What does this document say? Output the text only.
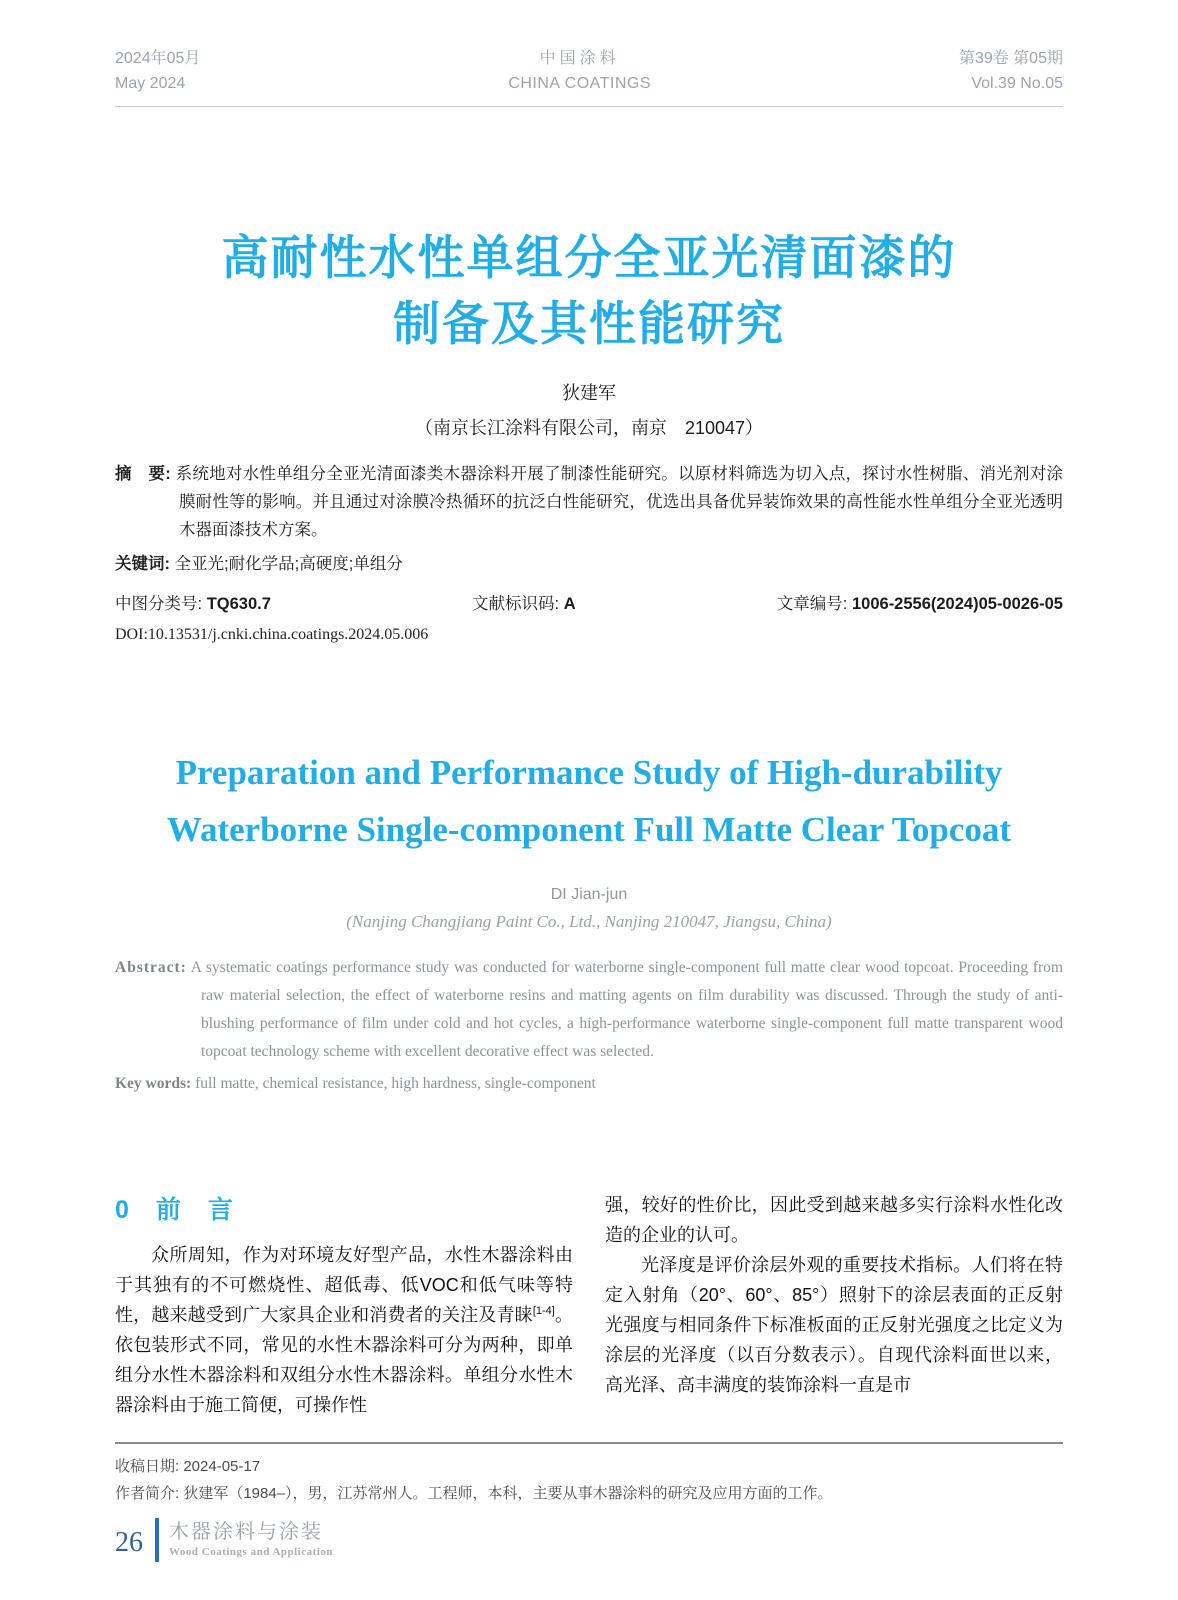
2024年05月
May 2024
中国涂料
CHINA COATINGS
第39卷 第05期
Vol.39 No.05
高耐性水性单组分全亚光清面漆的
制备及其性能研究
狄建军
（南京长江涂料有限公司，南京　210047）

摘　要: 系统地对水性单组分全亚光清面漆类木器涂料开展了制漆性能研究。以原材料筛选为切入点，探讨水性树脂、消光剂对涂膜耐性等的影响。并且通过对涂膜冷热循环的抗泛白性能研究，优选出具备优异装饰效果的高性能水性单组分全亚光透明木器面漆技术方案。

关键词: 全亚光;耐化学品;高硬度;单组分

中图分类号: TQ630.7	文献标识码: A	文章编号: 1006-2556(2024)05-0026-05
DOI:10.13531/j.cnki.china.coatings.2024.05.006
Preparation and Performance Study of High-durability
Waterborne Single-component Full Matte Clear Topcoat
DI Jian-jun
(Nanjing Changjiang Paint Co., Ltd., Nanjing 210047, Jiangsu, China)

Abstract: A systematic coatings performance study was conducted for waterborne single-component full matte clear wood topcoat. Proceeding from raw material selection, the effect of waterborne resins and matting agents on film durability was discussed. Through the study of anti-blushing performance of film under cold and hot cycles, a high-performance waterborne single-component full matte transparent wood topcoat technology scheme with excellent decorative effect was selected.

Key words: full matte, chemical resistance, high hardness, single-component

0　前　言

众所周知，作为对环境友好型产品，水性木器涂料由于其独有的不可燃烧性、超低毒、低VOC和低气味等特性，越来越受到广大家具企业和消费者的关注及青睐[1-4]。依包装形式不同，常见的水性木器涂料可分为两种，即单组分水性木器涂料和双组分水性木器涂料。单组分水性木器涂料由于施工简便，可操作性

强，较好的性价比，因此受到越来越多实行涂料水性化改造的企业的认可。

光泽度是评价涂层外观的重要技术指标。人们将在特定入射角（20°、60°、85°）照射下的涂层表面的正反射光强度与相同条件下标准板面的正反射光强度之比定义为涂层的光泽度（以百分数表示）。自现代涂料面世以来，高光泽、高丰满度的装饰涂料一直是市

收稿日期: 2024-05-17
作者简介: 狄建军（1984–），男，江苏常州人。工程师，本科，主要从事木器涂料的研究及应用方面的工作。
26 木器涂料与涂装
Wood Coatings and Application
